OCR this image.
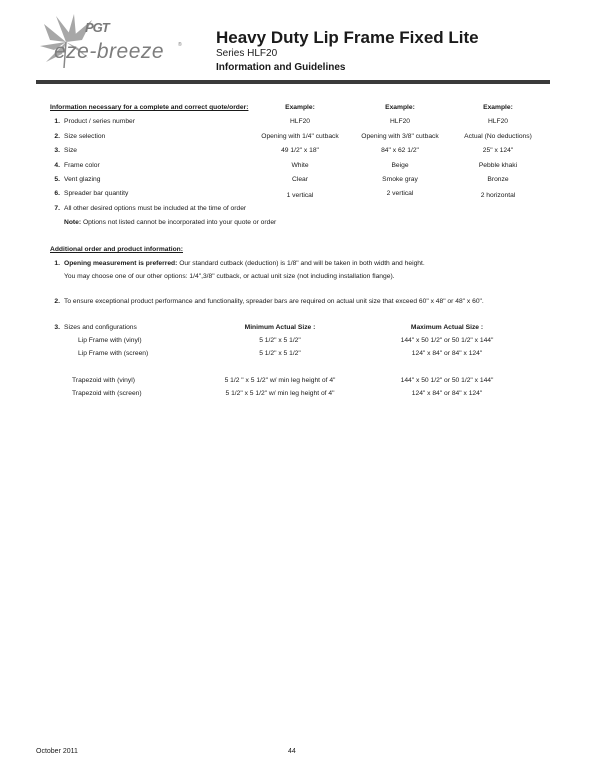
PGT
eze-breeze	® Heavy Duty Lip Frame Fixed Lite
Series HLF20
Information and Guidelines
Information necessary for a complete and correct quote/order:	Example:	Example:	Example:
1. Product / series number	HLF20	HLF20	HLF20
2. Size selection	Opening with 1/4" cutback	Opening with 3/8" cutback	Actual (No deductions)
3. Size	49 1/2" x 18"	84" x 62 1/2"	25" x 124"
4. Frame color	White	Beige	Pebble khaki
5. Vent glazing	Clear	Smoke gray	Bronze
6. Spreader bar quantity	1 vertical	2 vertical	2 horizontal
7. All other desired options must be included at the time of order
Note: Options not listed cannot be incorporated into your quote or order
Additional order and product information:
1. Opening measurement is preferred: Our standard cutback (deduction) is 1/8" and will be taken in both width and height.
You may choose one of our other options: 1/4",3/8" cutback, or actual unit size (not including installation flange).
2. To ensure exceptional product performance and functionality, spreader bars are required on actual unit size that exceed 60" x 48" or 48" x 60".
3. Sizes and configurations	Minimum Actual Size :	Maximum Actual Size :
Lip Frame with (vinyl)	5 1/2" x 5 1/2"	144" x 50 1/2" or 50 1/2" x 144"
Lip Frame with (screen)	5 1/2" x 5 1/2"	124" x 84" or 84" x 124"
Trapezoid with (vinyl)	5 1/2 " x 5 1/2" w/ min leg height of 4"	144" x 50 1/2" or 50 1/2" x 144"
Trapezoid with (screen)	5 1/2" x 5 1/2" w/ min leg height of 4"	124" x 84" or 84" x 124"
October 2011	44
